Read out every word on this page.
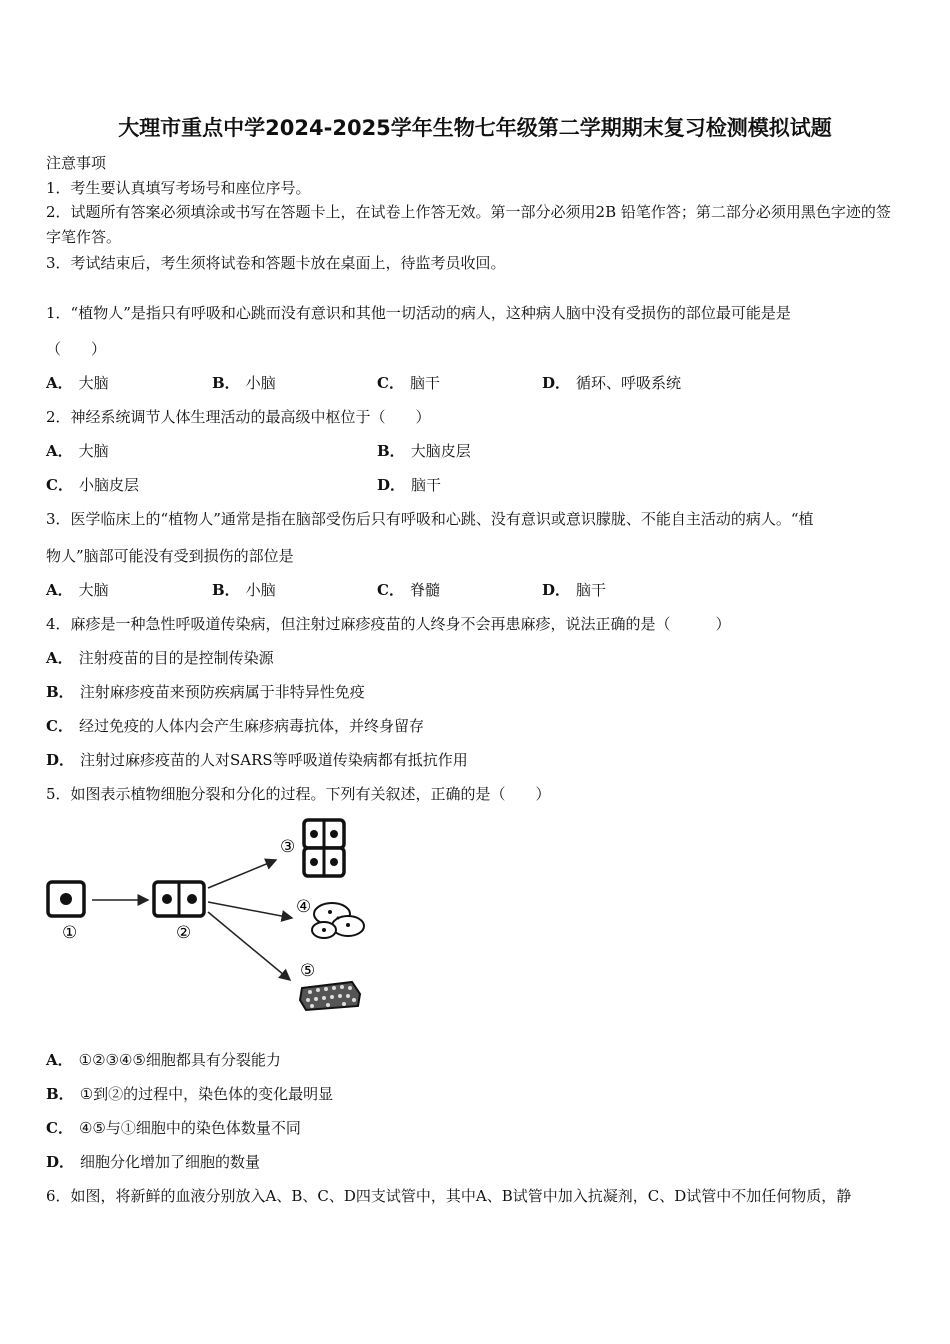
大理市重点中学2024-2025学年生物七年级第二学期期末复习检测模拟试题
注意事项
1．考生要认真填写考场号和座位序号。
2．试题所有答案必须填涂或书写在答题卡上，在试卷上作答无效。第一部分必须用2B 铅笔作答；第二部分必须用黑色字迹的签字笔作答。
3．考试结束后，考生须将试卷和答题卡放在桌面上，待监考员收回。
1．“植物人”是指只有呼吸和心跳而没有意识和其他一切活动的病人，这种病人脑中没有受损伤的部位最可能是是
（　　）
A． 大脑	B． 小脑	C． 脑干	D． 循环、呼吸系统
2．神经系统调节人体生理活动的最高级中枢位于（　　）
A． 大脑	B． 大脑皮层
C． 小脑皮层	D． 脑干
3．医学临床上的“植物人”通常是指在脑部受伤后只有呼吸和心跳、没有意识或意识朦胧、不能自主活动的病人。“植
物人”脑部可能没有受到损伤的部位是
A． 大脑	B． 小脑	C． 脊髓	D． 脑干
4．麻疹是一种急性呼吸道传染病，但注射过麻疹疫苗的人终身不会再患麻疹，说法正确的是（　　　）
A． 注射疫苗的目的是控制传染源
B． 注射麻疹疫苗来预防疾病属于非特异性免疫
C． 经过免疫的人体内会产生麻疹病毒抗体，并终身留存
D． 注射过麻疹疫苗的人对SARS等呼吸道传染病都有抵抗作用
5．如图表示植物细胞分裂和分化的过程。下列有关叙述，正确的是（　　）
①	②
③
④
⑤
A． ①②③④⑤细胞都具有分裂能力
B． ①到②的过程中，染色体的变化最明显
C． ④⑤与①细胞中的染色体数量不同
D． 细胞分化增加了细胞的数量
6．如图，将新鲜的血液分别放入A、B、C、D四支试管中，其中A、B试管中加入抗凝剂，C、D试管中不加任何物质，静
